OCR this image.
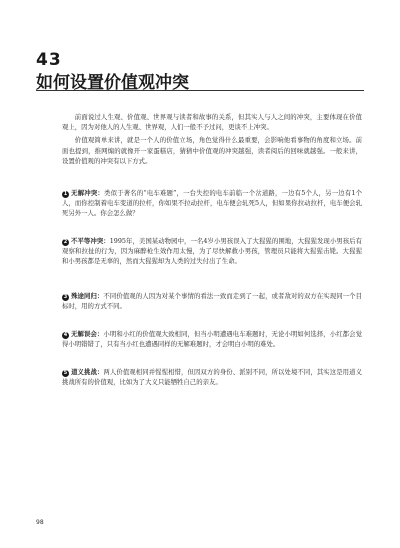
43
如何设置价值观冲突

前面说过人生观、价值观、世界观与读者和故事的关系，但其实人与人之间的冲突，主要体现在价值观上，因为对他人的人生观、世界观，人们一般不予过问，更谈不上冲突。

价值观简单来讲，就是一个人的价值立场，角色觉得什么最重要，会影响他看事物的角度和立场。前面也提到，推网煽的就像开一家蛋糕店，猜猜中价值观的冲突越强，读者阅后的回味就越强。一般来讲，设置价值观的冲突有以下方式。

1 无解冲突：类似于著名的“电车难题”，一台失控的电车前临一个岔道路，一边有5个人，另一边有1个人，而你控制着电车变道的拉杆，你如果不拉动拉杆，电车便会轧死5人，但如果你拉动拉杆，电车便会轧死另外一人。你会怎么做？
2 不平等冲突：1995年，美国某动物园中，一名4岁小男孩误入了大猩猩的围地，大猩猩发现小男孩后有观察和拉扯的行为，因为麻醉枪生效作用太慢，为了尽快解救小男孩，管理员只能将大猩猩击毙。大猩猩和小男孩都是无辜的，然而大猩猩却为人类的过失付出了生命。
3 殊途同归：不同价值观的人因为对某个事情的看法一致而走到了一起，或者敌对的双方在实现同一个目标时，用的方式不同。
4 无解误会：小明和小红的价值观大致相同，但当小明遭遇电车难题时，无论小明如何选择，小红都会觉得小明错错了，只有当小红也遭遇同样的无解难题时，才会明白小明的难处。
5 道义挑战：两人价值观相同并惺惺相惜，但因双方的身份、派别不同，所以处境不同，其实这是用道义挑战所有的价值观，比如为了大义只能牺牲自己的亲友。
98
